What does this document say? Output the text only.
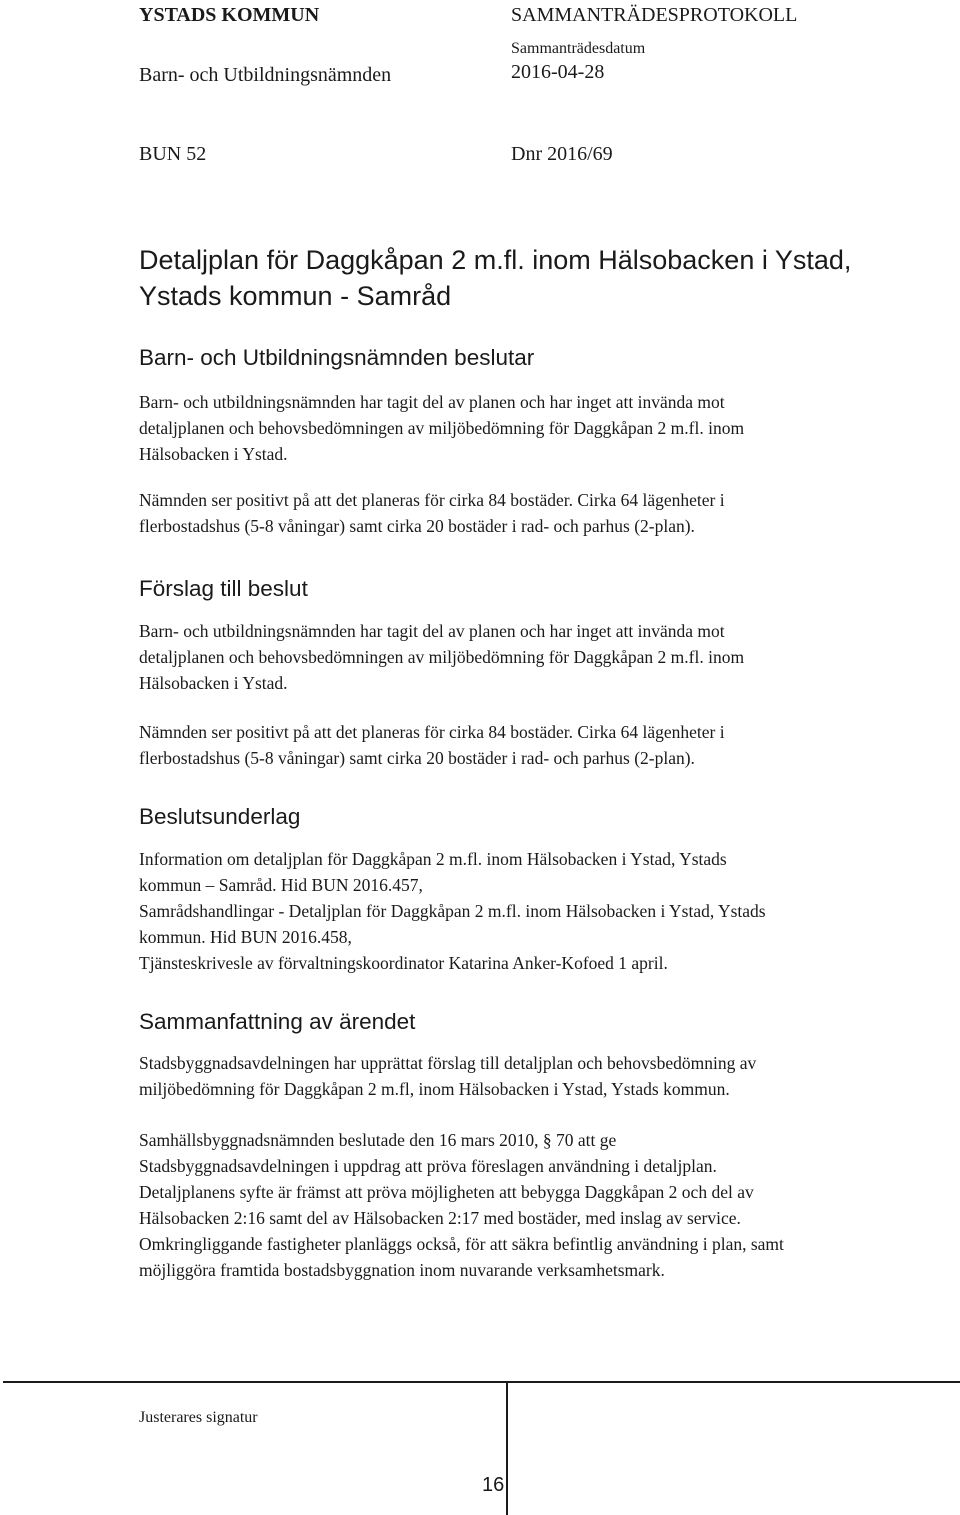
YSTADS KOMMUN
Barn- och Utbildningsnämnden
SAMMANTRÄDESPROTOKOLL
Sammanträdesdatum
2016-04-28
BUN 52	Dnr 2016/69
Detaljplan för Daggkåpan 2 m.fl. inom Hälsobacken i Ystad,
Ystads kommun - Samråd
Barn- och Utbildningsnämnden beslutar
Barn- och utbildningsnämnden har tagit del av planen och har inget att invända mot
detaljplanen och behovsbedömningen av miljöbedömning för Daggkåpan 2 m.fl. inom
Hälsobacken i Ystad.
Nämnden ser positivt på att det planeras för cirka 84 bostäder. Cirka 64 lägenheter i
flerbostadshus (5-8 våningar) samt cirka 20 bostäder i rad- och parhus (2-plan).
Förslag till beslut
Barn- och utbildningsnämnden har tagit del av planen och har inget att invända mot
detaljplanen och behovsbedömningen av miljöbedömning för Daggkåpan 2 m.fl. inom
Hälsobacken i Ystad.
Nämnden ser positivt på att det planeras för cirka 84 bostäder. Cirka 64 lägenheter i
flerbostadshus (5-8 våningar) samt cirka 20 bostäder i rad- och parhus (2-plan).
Beslutsunderlag
Information om detaljplan för Daggkåpan 2 m.fl. inom Hälsobacken i Ystad, Ystads
kommun – Samråd. Hid BUN 2016.457,
Samrådshandlingar - Detaljplan för Daggkåpan 2 m.fl. inom Hälsobacken i Ystad, Ystads
kommun. Hid BUN 2016.458,
Tjänsteskrivesle av förvaltningskoordinator Katarina Anker-Kofoed 1 april.
Sammanfattning av ärendet
Stadsbyggnadsavdelningen har upprättat förslag till detaljplan och behovsbedömning av
miljöbedömning för Daggkåpan 2 m.fl, inom Hälsobacken i Ystad, Ystads kommun.
Samhällsbyggnadsnämnden beslutade den 16 mars 2010, § 70 att ge
Stadsbyggnadsavdelningen i uppdrag att pröva föreslagen användning i detaljplan.
Detaljplanens syfte är främst att pröva möjligheten att bebygga Daggkåpan 2 och del av
Hälsobacken 2:16 samt del av Hälsobacken 2:17 med bostäder, med inslag av service.
Omkringliggande fastigheter planläggs också, för att säkra befintlig användning i plan, samt
möjliggöra framtida bostadsbyggnation inom nuvarande verksamhetsmark.
Justerares signatur
16
